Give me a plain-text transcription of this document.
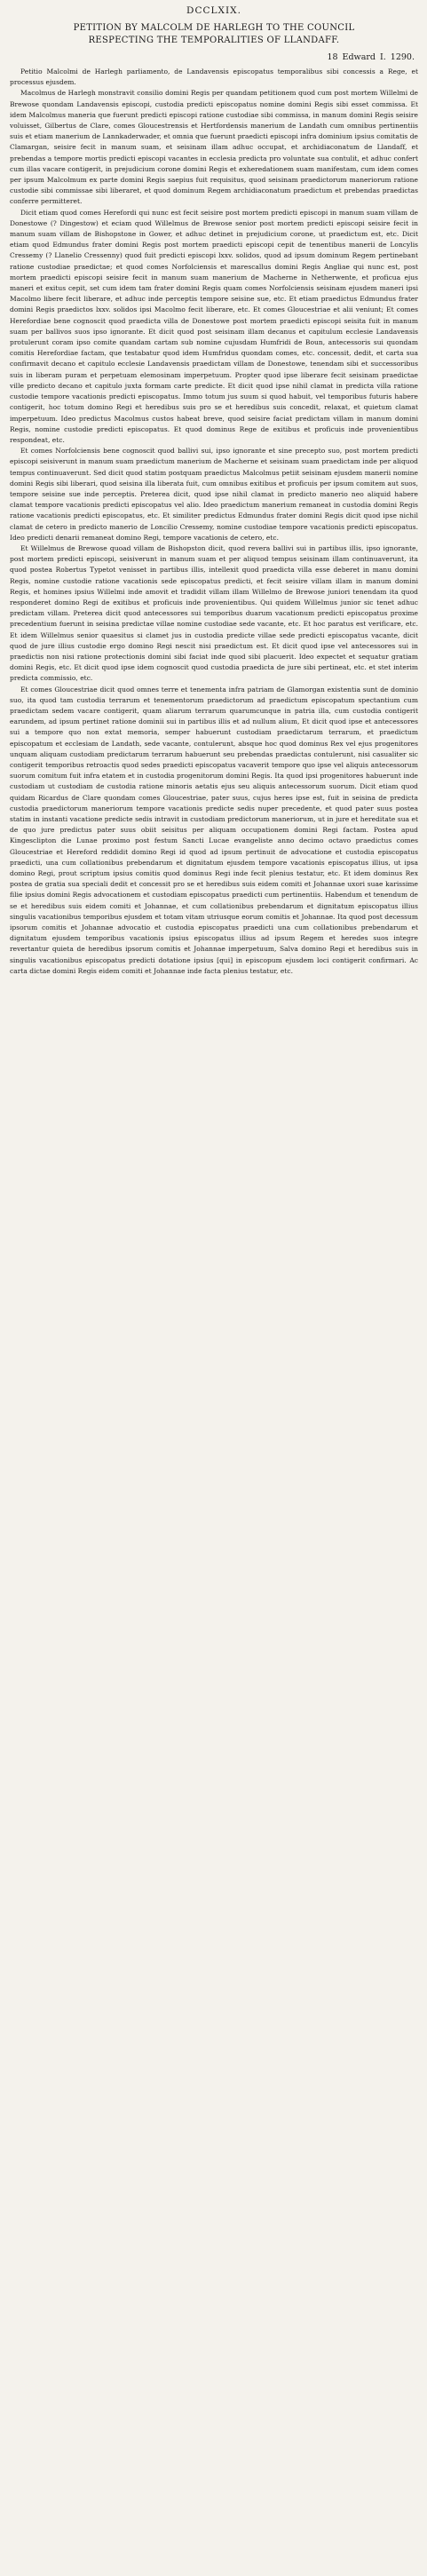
DCCLXIX.
PETITION BY MALCOLM DE HARLEGH TO THE COUNCIL
RESPECTING THE TEMPORALITIES OF LLANDAFF.
18 Edward I. 1290.

Petitio Malcolmi de Harlegh parliamento, de Landavensis episcopatus temporalibus sibi concessis a Rege, et processus ejusdem.

Macolmus de Harlegh monstravit consilio domini Regis per quandam petitionem quod cum post mortem Willelmi de Brewose quondam Landavensis episcopi, custodia predicti episcopatus nomine domini Regis sibi esset commissa. Et idem Malcolmus maneria que fuerunt predicti episcopi ratione custodiae sibi commissa, in manum domini Regis seisire voluisset, Gilbertus de Clare, comes Gloucestrensis et Hertfordensis manerium de Landath cum omnibus pertinentiis suis et etiam manerium de Lannkaderwader, et omnia que fuerunt praedicti episcopi infra dominium ipsius comitatis de Clamargan, seisire fecit in manum suam, et seisinam illam adhuc occupat, et archidiaconatum de Llandaff, et prebendas a tempore mortis predicti episcopi vacantes in ecclesia predicta pro voluntate sua contulit, et adhuc confert cum illas vacare contigerit, in prejudicium corone domini Regis et exheredationem suam manifestam, cum idem comes per ipsum Malcolmum ex parte domini Regis saepius fuit requisitus, quod seisinam praedictorum maneriorum ratione custodie sibi commissae sibi liberaret, et quod dominum Regem archidiaconatum praedictum et prebendas praedictas conferre permitteret.

Dicit etiam quod comes Herefordi qui nunc est fecit seisire post mortem predicti episcopi in manum suam villam de Donestowe (? Dingestow) et eciam quod Willelmus de Brewose senior post mortem predicti episcopi seisire fecit in manum suam villam de Bishopstone in Gower, et adhuc detinet in prejudicium corone, ut praedictum est, etc. Dicit etiam quod Edmundus frater domini Regis post mortem praedicti episcopi cepit de tenentibus manerii de Loncylis Cressemy (? Llanelio Cressenny) quod fuit predicti episcopi lxxv. solidos, quod ad ipsum dominum Regem pertinebant ratione custodiae praedictae; et quod comes Norfolciensis et marescallus domini Regis Angliae qui nunc est, post mortem praedicti episcopi seisire fecit in manum suam manerium de Macherne in Netherwente, et proficua ejus maneri et exitus cepit, set cum idem tam frater domini Regis quam comes Norfolciensis seisinam ejusdem maneri ipsi Macolmo libere fecit liberare, et adhuc inde perceptis tempore seisine sue, etc. Et etiam praedictus Edmundus frater domini Regis praedictos lxxv. solidos ipsi Macolmo fecit liberare, etc. Et comes Gloucestriae et alii veniunt; Et comes Herefordiae bene cognoscit quod praedicta villa de Donestowe post mortem praedicti episcopi seisita fuit in manum suam per ballivos suos ipso ignorante. Et dicit quod post seisinam illam decanus et capitulum ecclesie Landavensis protulerunt coram ipso comite quandam cartam sub nomine cujusdam Humfridi de Boun, antecessoris sui quondam comitis Herefordiae factam, que testabatur quod idem Humfridus quondam comes, etc. concessit, dedit, et carta sua confirmavit decano et capitulo ecclesie Landavensis praedictam villam de Donestowe, tenendam sibi et successoribus suis in liberam puram et perpetuam elemosinam imperpetuum. Propter quod ipse liberare fecit seisinam praedictae ville predicto decano et capitulo juxta formam carte predicte. Et dicit quod ipse nihil clamat in predicta villa ratione custodie tempore vacationis predicti episcopatus. Immo totum jus suum si quod habuit, vel temporibus futuris habere contigerit, hoc totum domino Regi et heredibus suis pro se et heredibus suis concedit, relaxat, et quietum clamat imperpetuum. Ideo predictus Macolmus custos habeat breve, quod seisire faciat predictam villam in manum domini Regis, nomine custodie predicti episcopatus. Et quod dominus Rege de exitibus et proficuis inde provenientibus respondeat, etc.

Et comes Norfolciensis bene cognoscit quod ballivi sui, ipso ignorante et sine precepto suo, post mortem predicti episcopi seisiverunt in manum suam praedictum manerium de Macherne et seisinam suam praedictam inde per aliquod tempus continuaverunt. Sed dicit quod statim postquam praedictus Malcolmus petiit seisinam ejusdem manerii nomine domini Regis sibi liberari, quod seisina illa liberata fuit, cum omnibus exitibus et proficuis per ipsum comitem aut suos, tempore seisine sue inde perceptis. Preterea dicit, quod ipse nihil clamat in predicto manerio neo aliquid habere clamat tempore vacationis predicti episcopatus vel alio. Ideo praedictum manerium remaneat in custodia domini Regis ratione vacationis predicti episcopatus, etc. Et similiter predictus Edmundus frater domini Regis dicit quod ipse nichil clamat de cetero in predicto manerio de Loncilio Cressemy, nomine custodiae tempore vacationis predicti episcopatus. Ideo predicti denarii remaneat domino Regi, tempore vacationis de cetero, etc.

Et Willelmus de Brewose quoad villam de Bishopston dicit, quod revera ballivi sui in partibus illis, ipso ignorante, post mortem predicti episcopi, seisiverunt in manum suam et per aliquod tempus seisinam illam continuaverunt, ita quod postea Robertus Typetot venisset in partibus illis, intellexit quod praedicta villa esse deberet in manu domini Regis, nomine custodie ratione vacationis sede episcopatus predicti, et fecit seisire villam illam in manum domini Regis, et homines ipsius Willelmi inde amovit et tradidit villam illam Willelmo de Brewose juniori tenendam ita quod responderet domino Regi de exitibus et proficuis inde provenientibus. Qui quidem Willelmus junior sic tenet adhuc predictam villam. Preterea dicit quod antecessores sui temporibus duarum vacationum predicti episcopatus proxime precedentium fuerunt in seisina predictae villae nomine custodiae sede vacante, etc. Et hoc paratus est verificare, etc. Et idem Willelmus senior quaesitus si clamet jus in custodia predicte villae sede predicti episcopatus vacante, dicit quod de jure illius custodie ergo domino Regi nescit nisi praedictum est. Et dicit quod ipse vel antecessores sui in praedictis non nisi ratione protectionis domini sibi faciat inde quod sibi placuerit. Ideo expectet et sequatur gratiam domini Regis, etc. Et dicit quod ipse idem cognoscit quod custodia praedicta de jure sibi pertineat, etc. et stet interim predicta commissio, etc.

Et comes Gloucestriae dicit quod omnes terre et tenementa infra patriam de Glamorgan existentia sunt de dominio suo, ita quod tam custodia terrarum et tenementorum praedictorum ad praedictum episcopatum spectantium cum praedictam sedem vacare contigerit, quam aliarum terrarum quarumcunque in patria illa, cum custodia contigerit earundem, ad ipsum pertinet ratione dominii sui in partibus illis et ad nullum alium, Et dicit quod ipse et antecessores sui a tempore quo non extat memoria, semper habuerunt custodiam praedictarum terrarum, et praedictum episcopatum et ecclesiam de Landath, sede vacante, contulerunt, absque hoc quod dominus Rex vel ejus progenitores unquam aliquam custodiam predictarum terrarum habuerunt seu prebendas praedictas contulerunt, nisi casualiter sic contigerit temporibus retroactis quod sedes praedicti episcopatus vacaverit tempore quo ipse vel aliquis antecessorum suorum comitum fuit infra etatem et in custodia progenitorum domini Regis. Ita quod ipsi progenitores habuerunt inde custodiam ut custodiam de custodia ratione minoris aetatis ejus seu aliquis antecessorum suorum. Dicit etiam quod quidam Ricardus de Clare quondam comes Gloucestriae, pater suus, cujus heres ipse est, fuit in seisina de predicta custodia praedictorum maneriorum tempore vacationis predicte sedis nuper precedente, et quod pater suus postea statim in instanti vacatione predicte sedis intravit in custodiam predictorum maneriorum, ut in jure et hereditate sua et de quo jure predictus pater suus obiit seisitus per aliquam occupationem domini Regi factam. Postea apud Kingesclipton die Lunae proximo post festum Sancti Lucae evangeliste anno decimo octavo praedictus comes Gloucestriae et Hereford reddidit domino Regi id quod ad ipsum pertinuit de advocatione et custodia episcopatus praedicti, una cum collationibus prebendarum et dignitatum ejusdem tempore vacationis episcopatus illius, ut ipsa domino Regi, prout scriptum ipsius comitis quod dominus Regi inde fecit plenius testatur, etc. Et idem dominus Rex postea de gratia sua speciali dedit et concessit pro se et heredibus suis eidem comiti et Johannae uxori suae karissime filie ipsius domini Regis advocationem et custodiam episcopatus praedicti cum pertinentiis. Habendum et tenendum de se et heredibus suis eidem comiti et Johannae, et cum collationibus prebendarum et dignitatum episcopatus illius singulis vacationibus temporibus ejusdem et totam vitam utriusque eorum comitis et Johannae. Ita quod post decessum ipsorum comitis et Johannae advocatio et custodia episcopatus praedicti una cum collationibus prebendarum et dignitatum ejusdem temporibus vacationis ipsius episcopatus illius ad ipsum Regem et heredes suos integre revertantur quieta de heredibus ipsorum comitis et Johannae imperpetuum, Salva domino Regi et heredibus suis in singulis vacationibus episcopatus predicti dotatione ipsius [qui] in episcopum ejusdem loci contigerit confirmari. Ac carta dictae domini Regis eidem comiti et Johannae inde facta plenius testatur, etc.
